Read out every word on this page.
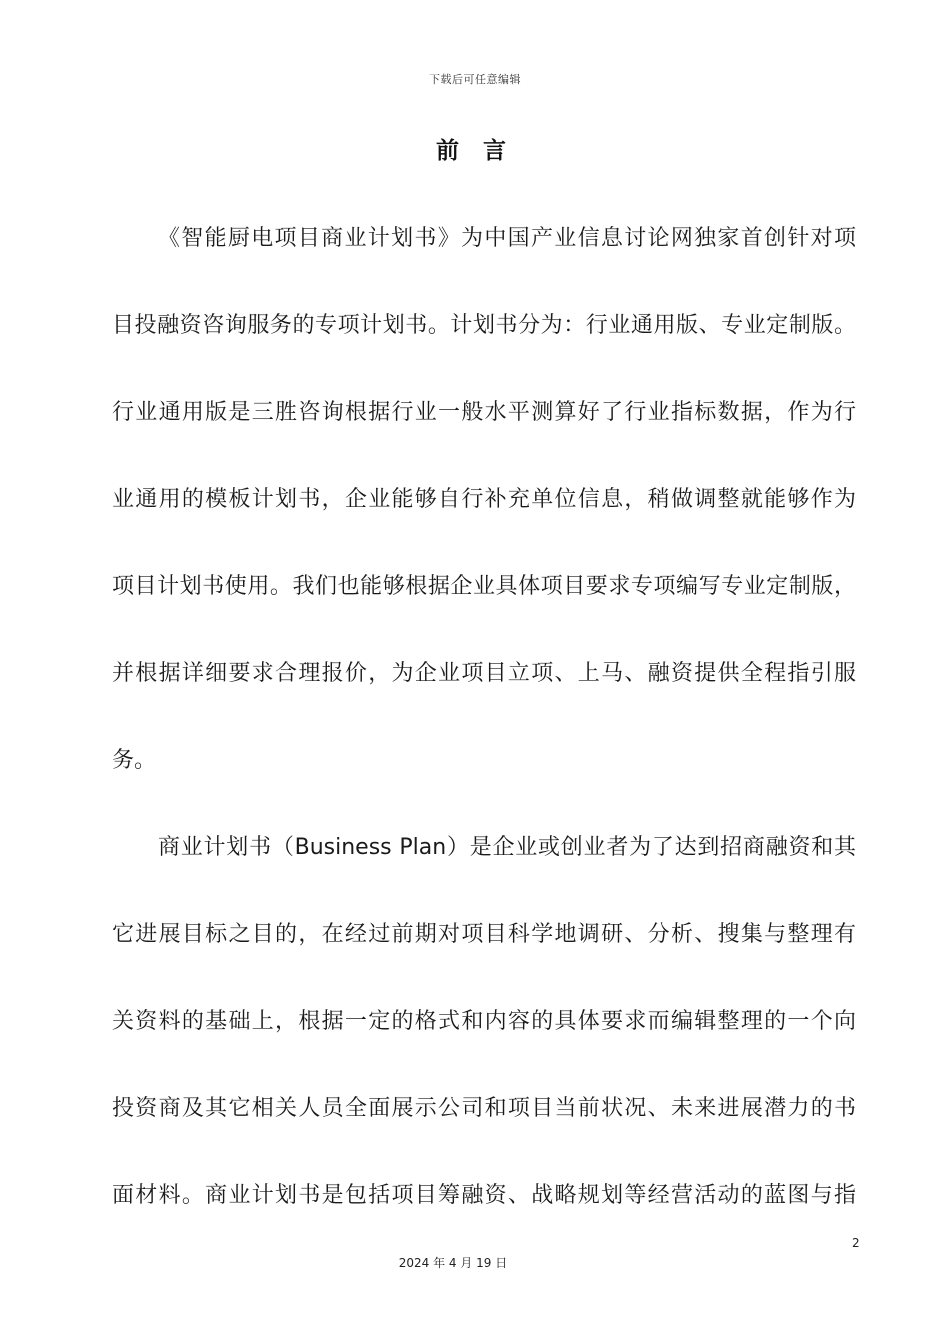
下载后可任意编辑
前 言
《智能厨电项目商业计划书》为中国产业信息讨论网独家首创针对项
目投融资咨询服务的专项计划书。计划书分为：行业通用版、专业定制版。
行业通用版是三胜咨询根据行业一般水平测算好了行业指标数据，作为行
业通用的模板计划书，企业能够自行补充单位信息，稍做调整就能够作为
项目计划书使用。我们也能够根据企业具体项目要求专项编写专业定制版，
并根据详细要求合理报价，为企业项目立项、上马、融资提供全程指引服
务。
商业计划书（Business Plan）是企业或创业者为了达到招商融资和其
它进展目标之目的，在经过前期对项目科学地调研、分析、搜集与整理有
关资料的基础上，根据一定的格式和内容的具体要求而编辑整理的一个向
投资商及其它相关人员全面展示公司和项目当前状况、未来进展潜力的书
面材料。商业计划书是包括项目筹融资、战略规划等经营活动的蓝图与指
2
2024 年 4 月 19 日
